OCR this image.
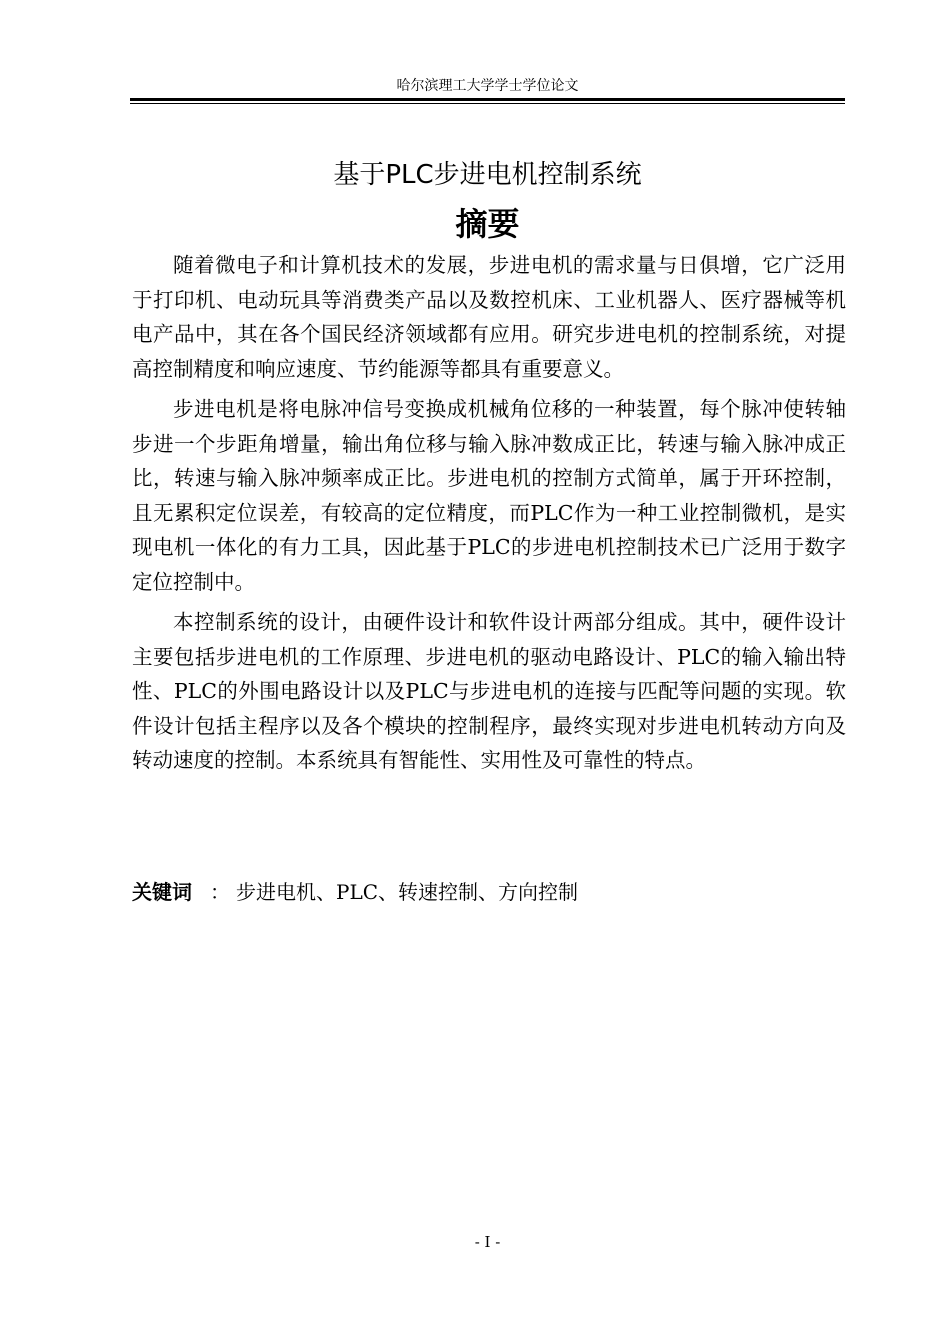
哈尔滨理工大学学士学位论文
基于PLC步进电机控制系统
摘要

随着微电子和计算机技术的发展，步进电机的需求量与日俱增，它广泛用于打印机、电动玩具等消费类产品以及数控机床、工业机器人、医疗器械等机电产品中，其在各个国民经济领域都有应用。研究步进电机的控制系统，对提高控制精度和响应速度、节约能源等都具有重要意义。

步进电机是将电脉冲信号变换成机械角位移的一种装置，每个脉冲使转轴步进一个步距角增量，输出角位移与输入脉冲数成正比，转速与输入脉冲成正比，转速与输入脉冲频率成正比。步进电机的控制方式简单，属于开环控制，且无累积定位误差，有较高的定位精度，而PLC作为一种工业控制微机，是实现电机一体化的有力工具，因此基于PLC的步进电机控制技术已广泛用于数字定位控制中。

本控制系统的设计，由硬件设计和软件设计两部分组成。其中，硬件设计主要包括步进电机的工作原理、步进电机的驱动电路设计、PLC的输入输出特性、PLC的外围电路设计以及PLC与步进电机的连接与匹配等问题的实现。软件设计包括主程序以及各个模块的控制程序，最终实现对步进电机转动方向及转动速度的控制。本系统具有智能性、实用性及可靠性的特点。

关键词 ： 步进电机、PLC、转速控制、方向控制
- I -
